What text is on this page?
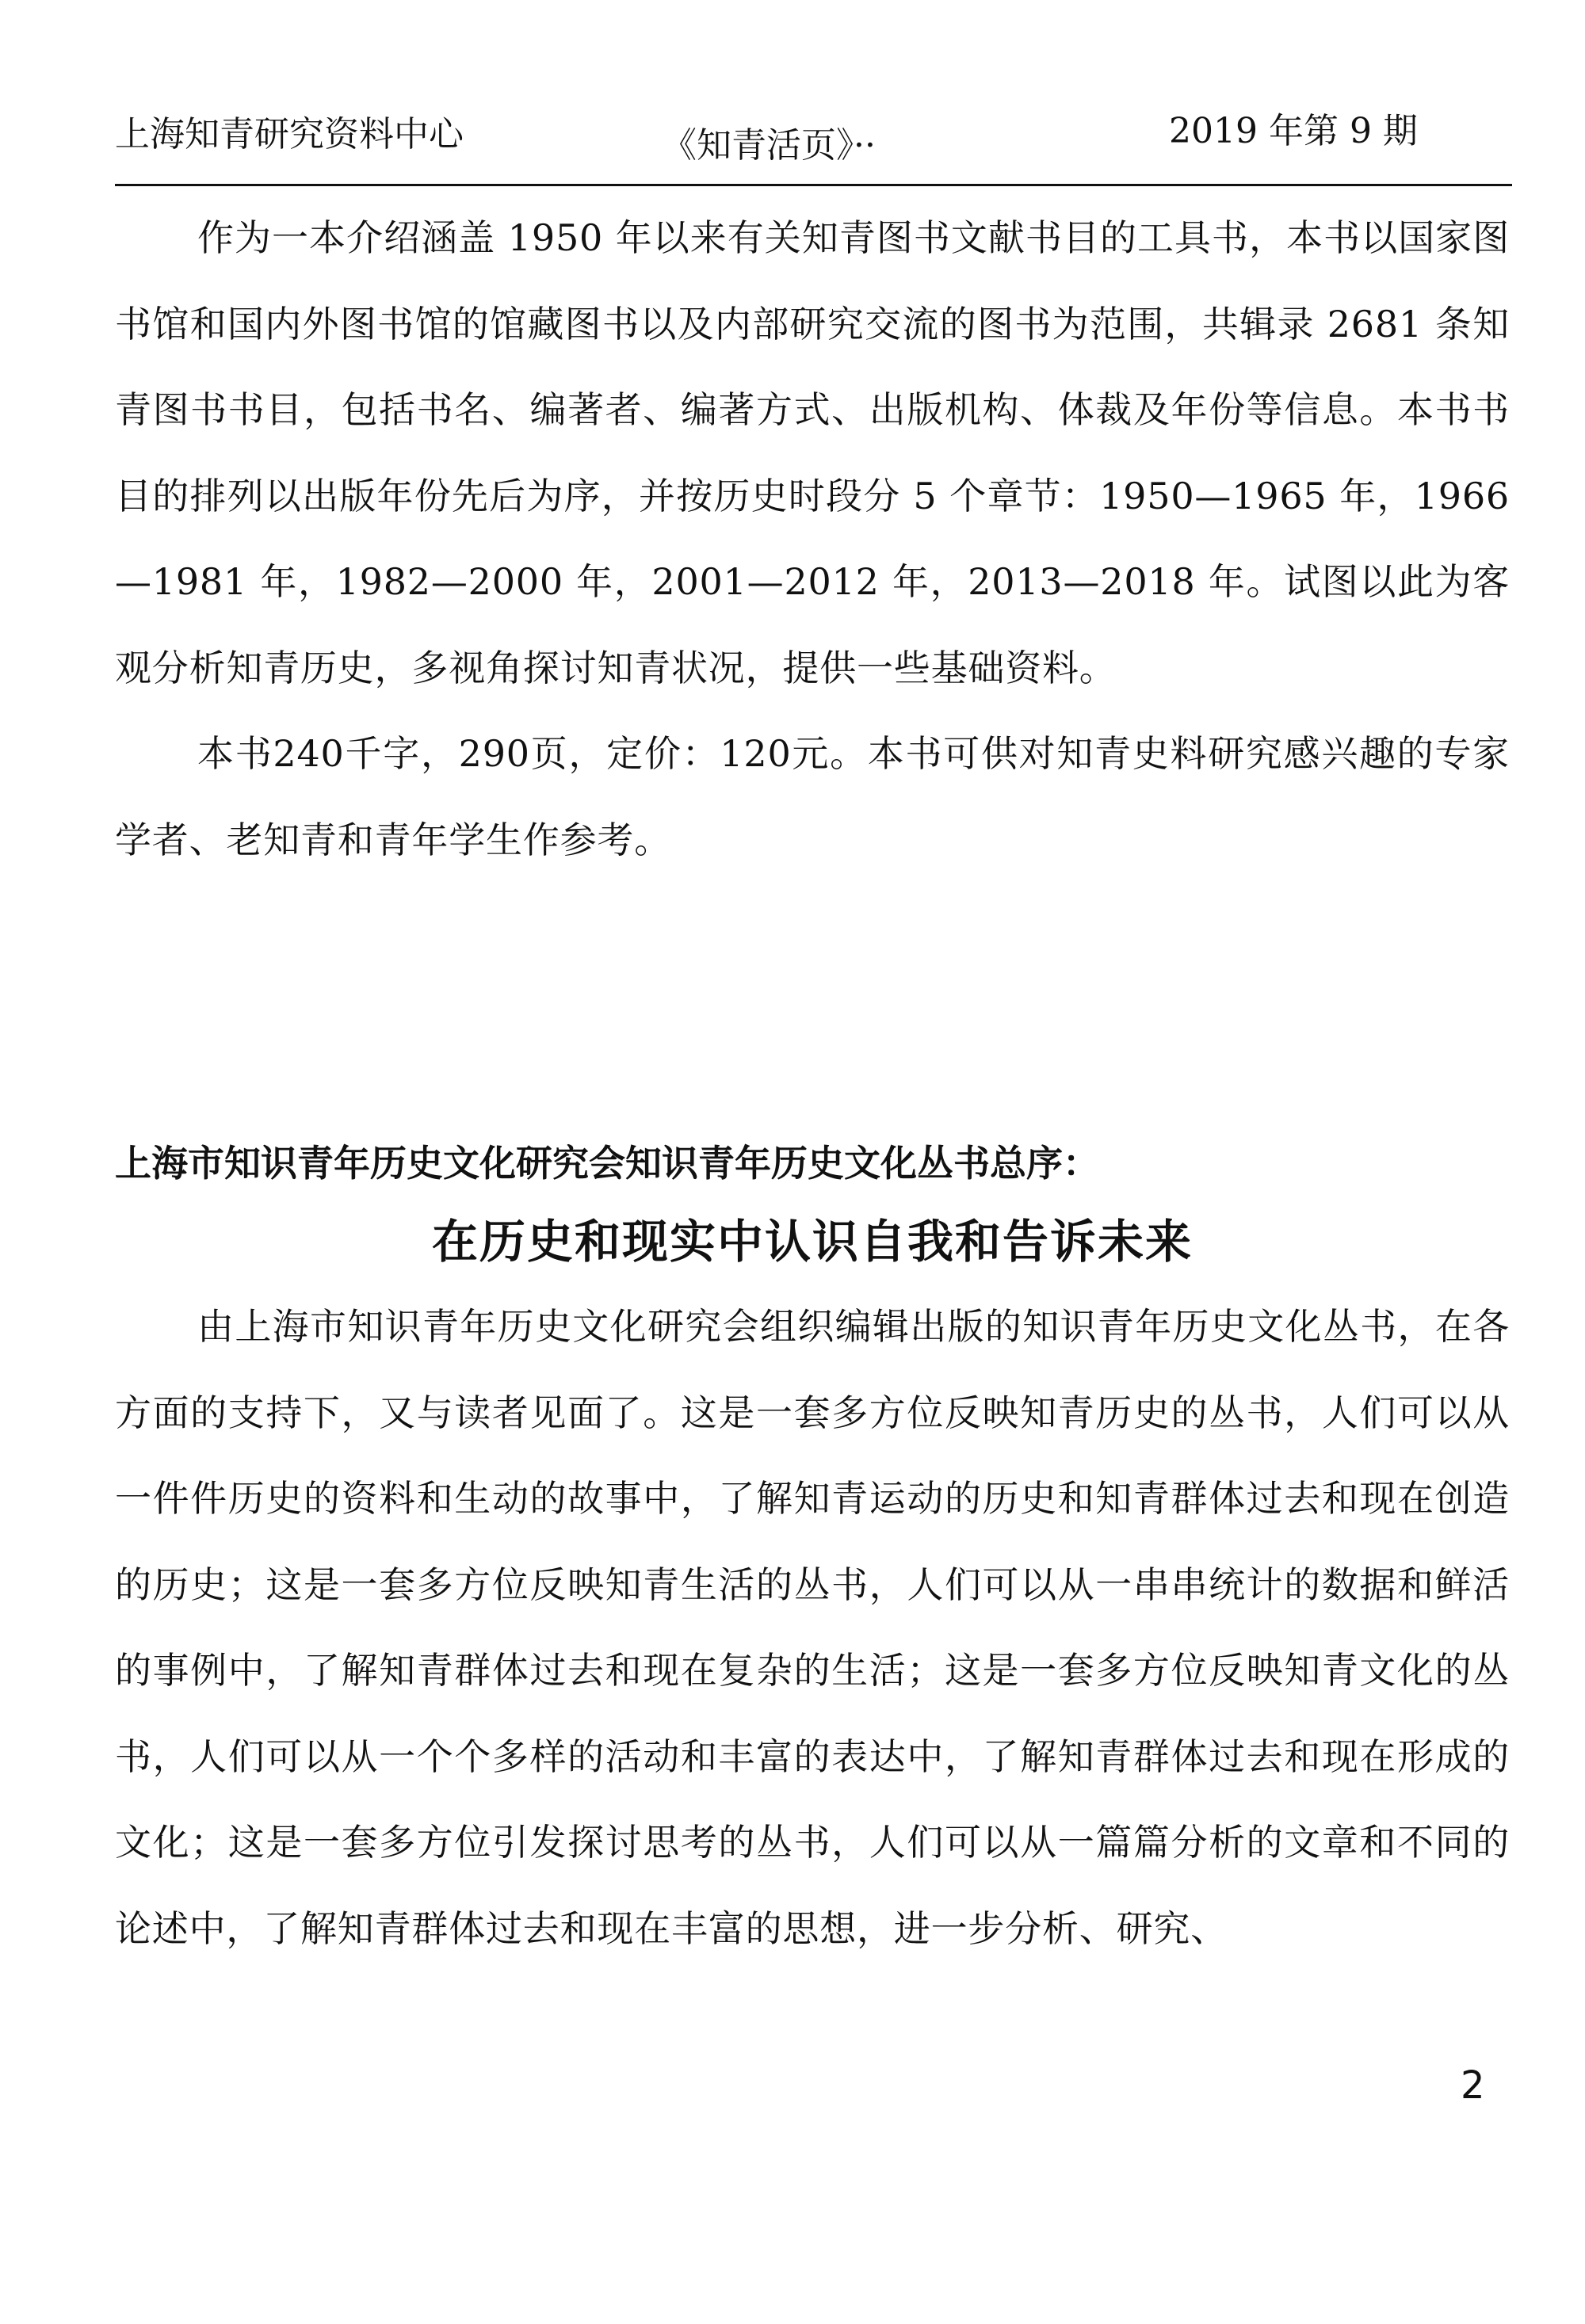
上海知青研究资料中心	《知青活页》··	2019 年第 9 期

作为一本介绍涵盖 1950 年以来有关知青图书文献书目的工具书，本书以国家图书馆和国内外图书馆的馆藏图书以及内部研究交流的图书为范围，共辑录 2681 条知青图书书目，包括书名、编著者、编著方式、出版机构、体裁及年份等信息。本书书目的排列以出版年份先后为序，并按历史时段分 5 个章节：1950—1965 年，1966—1981 年，1982—2000 年，2001—2012 年，2013—2018 年。试图以此为客观分析知青历史，多视角探讨知青状况，提供一些基础资料。

本书240千字，290页，定价：120元。本书可供对知青史料研究感兴趣的专家学者、老知青和青年学生作参考。

上海市知识青年历史文化研究会知识青年历史文化丛书总序：

在历史和现实中认识自我和告诉未来

由上海市知识青年历史文化研究会组织编辑出版的知识青年历史文化丛书，在各方面的支持下，又与读者见面了。这是一套多方位反映知青历史的丛书，人们可以从一件件历史的资料和生动的故事中，了解知青运动的历史和知青群体过去和现在创造的历史；这是一套多方位反映知青生活的丛书，人们可以从一串串统计的数据和鲜活的事例中，了解知青群体过去和现在复杂的生活；这是一套多方位反映知青文化的丛书，人们可以从一个个多样的活动和丰富的表达中，了解知青群体过去和现在形成的文化；这是一套多方位引发探讨思考的丛书，人们可以从一篇篇分析的文章和不同的论述中，了解知青群体过去和现在丰富的思想，进一步分析、研究、

2
